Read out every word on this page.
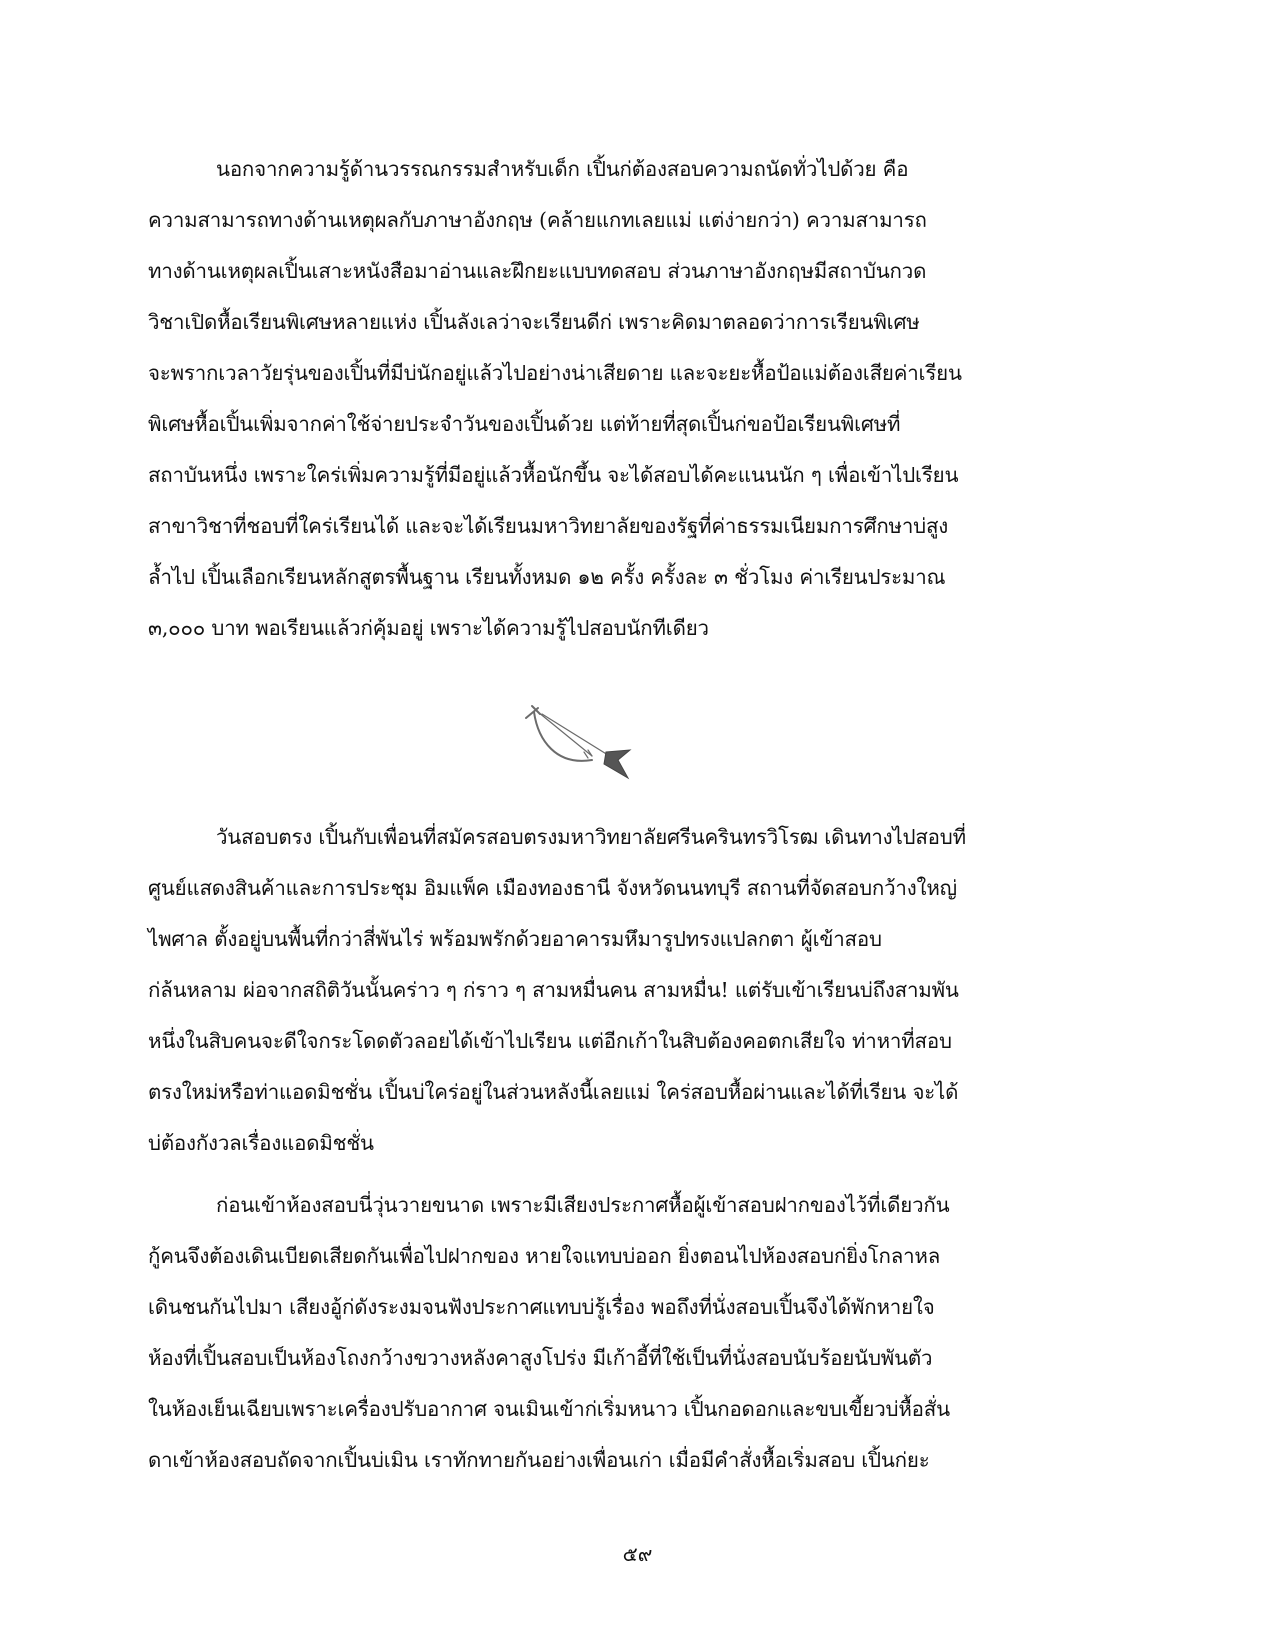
นอกจากความรู้ด้านวรรณกรรมสำหรับเด็ก เปิ้นก่ต้องสอบความถนัดทั่วไปด้วย คือ
ความสามารถทางด้านเหตุผลกับภาษาอังกฤษ (คล้ายแกทเลยแม่ แต่ง่ายกว่า) ความสามารถ
ทางด้านเหตุผลเปิ้นเสาะหนังสือมาอ่านและฝึกยะแบบทดสอบ ส่วนภาษาอังกฤษมีสถาบันกวด
วิชาเปิดหื้อเรียนพิเศษหลายแห่ง เปิ้นลังเลว่าจะเรียนดีก่ เพราะคิดมาตลอดว่าการเรียนพิเศษ
จะพรากเวลาวัยรุ่นของเปิ้นที่มีบ่นักอยู่แล้วไปอย่างน่าเสียดาย และจะยะหื้อป้อแม่ต้องเสียค่าเรียน
พิเศษหื้อเปิ้นเพิ่มจากค่าใช้จ่ายประจำวันของเปิ้นด้วย แต่ท้ายที่สุดเปิ้นก่ขอป้อเรียนพิเศษที่
สถาบันหนึ่ง เพราะใคร่เพิ่มความรู้ที่มีอยู่แล้วหื้อนักขึ้น จะได้สอบได้คะแนนนัก ๆ เพื่อเข้าไปเรียน
สาขาวิชาที่ชอบที่ใคร่เรียนได้ และจะได้เรียนมหาวิทยาลัยของรัฐที่ค่าธรรมเนียมการศึกษาบ่สูง
ล้ำไป เปิ้นเลือกเรียนหลักสูตรพื้นฐาน เรียนทั้งหมด ๑๒ ครั้ง ครั้งละ ๓ ชั่วโมง ค่าเรียนประมาณ
๓,๐๐๐ บาท พอเรียนแล้วก่คุ้มอยู่ เพราะได้ความรู้ไปสอบนักทีเดียว
วันสอบตรง เปิ้นกับเพื่อนที่สมัครสอบตรงมหาวิทยาลัยศรีนครินทรวิโรฒ เดินทางไปสอบที่
ศูนย์แสดงสินค้าและการประชุม อิมแพ็ค เมืองทองธานี จังหวัดนนทบุรี สถานที่จัดสอบกว้างใหญ่
ไพศาล ตั้งอยู่บนพื้นที่กว่าสี่พันไร่ พร้อมพรักด้วยอาคารมหึมารูปทรงแปลกตา ผู้เข้าสอบ
ก่ล้นหลาม ผ่อจากสถิติวันนั้นคร่าว ๆ ก่ราว ๆ สามหมื่นคน สามหมื่น! แต่รับเข้าเรียนบ่ถึงสามพัน
หนึ่งในสิบคนจะดีใจกระโดดตัวลอยได้เข้าไปเรียน แต่อีกเก้าในสิบต้องคอตกเสียใจ ท่าหาที่สอบ
ตรงใหม่หรือท่าแอดมิชชั่น เปิ้นบ่ใคร่อยู่ในส่วนหลังนี้เลยแม่ ใคร่สอบหื้อผ่านและได้ที่เรียน จะได้
บ่ต้องกังวลเรื่องแอดมิชชั่น
ก่อนเข้าห้องสอบนี่วุ่นวายขนาด เพราะมีเสียงประกาศหื้อผู้เข้าสอบฝากของไว้ที่เดียวกัน
กู้คนจึงต้องเดินเบียดเสียดกันเพื่อไปฝากของ หายใจแทบบ่ออก ยิ่งตอนไปห้องสอบก่ยิ่งโกลาหล
เดินชนกันไปมา เสียงอู้ก่ดังระงมจนฟังประกาศแทบบ่รู้เรื่อง พอถึงที่นั่งสอบเปิ้นจึงได้พักหายใจ
ห้องที่เปิ้นสอบเป็นห้องโถงกว้างขวางหลังคาสูงโปร่ง มีเก้าอี้ที่ใช้เป็นที่นั่งสอบนับร้อยนับพันตัว
ในห้องเย็นเฉียบเพราะเครื่องปรับอากาศ จนเมินเข้าก่เริ่มหนาว เปิ้นกอดอกและขบเขี้ยวบ่หื้อสั่น
ดาเข้าห้องสอบถัดจากเปิ้นบ่เมิน เราทักทายกันอย่างเพื่อนเก่า เมื่อมีคำสั่งหื้อเริ่มสอบ เปิ้นก่ยะ
๕๙
